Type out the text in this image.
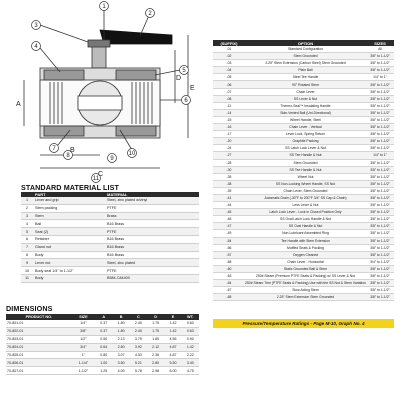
1
2
3
4
5
6
7
8	9
10
11
A
B
C
D
E
STANDARD MATERIAL LIST
	PART	MATERIAL
1	Lever and grip	Steel, zinc plated w/vinyl
2	Stem packing	PTFE
3	Stem	Brass
4	Ball	B16 Brass
5	Seat (2)	PTFE
6	Retainer	B16 Brass
7	Gland nut	B16 Brass
8	Body	B16 Brass
9	Lever nut	Steel, zinc plated
10	Body seal 1/4" to 1-1/2"	PTFE
11	Body	B584-C84400
DIMENSIONS
PRODUCT NO.	SIZE	A	B	C	D	E	WT.
70-801-01	1/4"	0.37	1.80	2.40	1.75	1.42	0.63
70-802-01	3/8"	0.37	1.80	2.40	1.75	1.42	0.63
70-803-01	1/2"	0.50	2.13	3.75	1.80	4.56	0.90
70-804-01	3/4"	0.64	2.60	3.92	2.12	4.87	1.42
70-805-01	1"	0.80	3.07	4.53	2.36	4.87	2.22
70-806-01	1-1/4"	1.00	3.50	5.21	2.80	5.50	3.40
70-807-01	1-1/2"	1.25	4.00	5.78	2.98	6.00	4.75
(SUFFIX)	OPTION	SIZES
-01	Standard Configuration	All
-02	Stem Grounded	3/8" to 1-1/2"
-03	2.25" Stem Extension (Carbon Steel) Stem Grounded	3/8" to 1-1/2"
-04	Plain Ball	3/8" to 1-1/2"
-05	Steel Tee Handle	1/4" to 1"
-06	90° Rotated Stem	3/8" to 1-1/2"
-07	Chain Lever	3/8" to 1-1/2"
-08	SS Lever & Nut	3/8" to 1-1/2"
-11	Thermo-Seal™ Insulating Handle	3/8" to 1-1/2"
-14	Side-Vented Ball (Uni-Directional)	3/8" to 1-1/2"
-15	Wheel Handle, Steel	3/8" to 1-1/2"
-16	Chain Lever - Vertical	3/8" to 1-1/2"
-17	Lever Lock, Spring Return	3/8" to 1-1/2"
-20	Graphite Packing	3/8" to 1-1/2"
-24	SS Latch Lock Lever & Nut	3/8" to 1-1/2"
-27	SS Tee Handle & Nut	1/4" to 1"
-28	Stem Grounded	3/8" to 1-1/2"
-30	SS Tee Handle & Nut	3/8" to 1-1/2"
-35	Wheel Nut	3/8" to 1-1/2"
-38	SS Non-Locking Wheel Handle, SS Nut	3/8" to 1-1/2"
-39	Chain Lever, Stem Grounded	3/8" to 1-1/2"
-41	Automatic Drain (-30°F to 200°F 3/4" SS Cap & Chain)	3/8" to 1-1/2"
-44	Less Lever & Nut	3/8" to 1-1/2"
-45	Latch Lock Lever - Lock in Closed Position Only	3/8" to 1-1/2"
-46	SS Oval Latch Lock Handle & Nut	3/8" to 1-1/2"
-47	SS Oval Handle & Nut	3/8" to 1-1/2"
-49	Non-Lubricant Assembled Ring	3/8" to 1-1/2"
-54	Tee Handle with Stem Extension	3/8" to 1-1/2"
-56	Muffled Seats & Packing	3/8" to 1-1/2"
-57	Oxygen Cleaned	3/8" to 1-1/2"
-58	Chain Lever - Horizontal	3/4" to 1-1/2"
-60	Static Grounded Ball & Stem	3/8" to 1-1/2"
-63	250# Steam (Premium PTFE Seats & Packing) w/ SS Lever & Nut	3/8" to 1-1/2"
-64	250# Steam Trim (PTFE Seats & Packing) Use with the SS Nut & Stem Variation	3/8" to 1-1/2"
-67	Slow Acting Stem	3/8" to 1-1/2"
-68	2.25" Stem Extension Stem Grounded	3/8" to 1-1/2"
Pressure/Temperature Ratings - Page M-10, Graph No. 4
